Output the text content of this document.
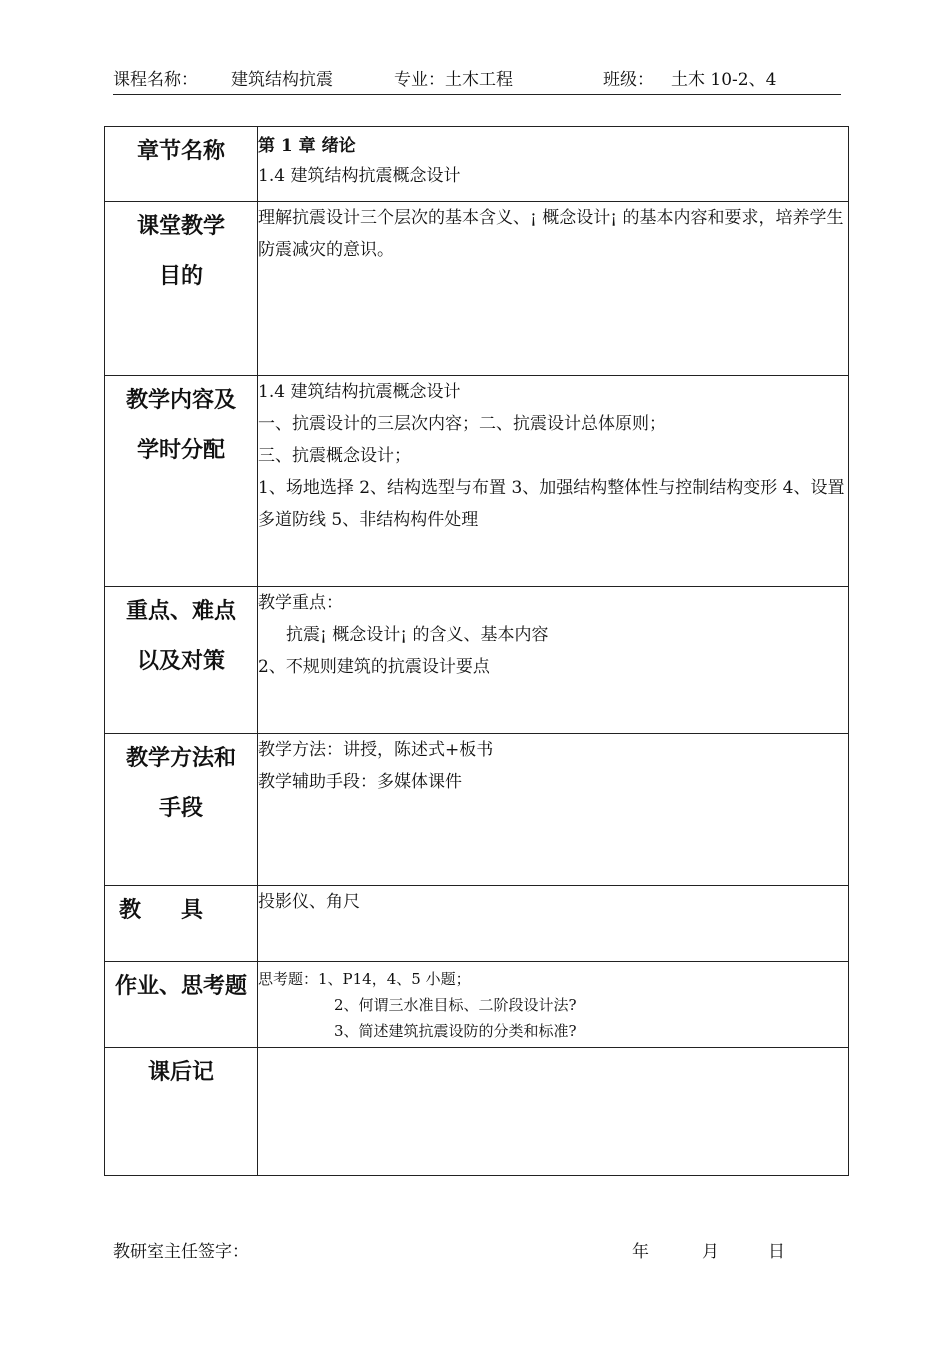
课程名称： 建筑结构抗震	专业：土木工程	班级： 土木 10-2、4
章节名称	第 1 章 绪论
1.4 建筑结构抗震概念设计

课堂教学
目的	理解抗震设计三个层次的基本含义、¡ 概念设计¡ 的基本内容和要求，培养学生防震减灾的意识。

教学内容及
学时分配	1.4 建筑结构抗震概念设计
一、抗震设计的三层次内容；二、抗震设计总体原则；
三、抗震概念设计；
1、场地选择 2、结构选型与布置 3、加强结构整体性与控制结构变形 4、设置多道防线 5、非结构构件处理

重点、难点
以及对策	教学重点：
抗震¡ 概念设计¡ 的含义、基本内容
2、不规则建筑的抗震设计要点

教学方法和
手段	教学方法：讲授，陈述式+板书
教学辅助手段：多媒体课件

教具	投影仪、角尺

作业、思考题	思考题：1、P14，4、5 小题；
2、何谓三水准目标、二阶段设计法?
3、简述建筑抗震设防的分类和标准?

课后记	
教研室主任签字：	年	月	日
